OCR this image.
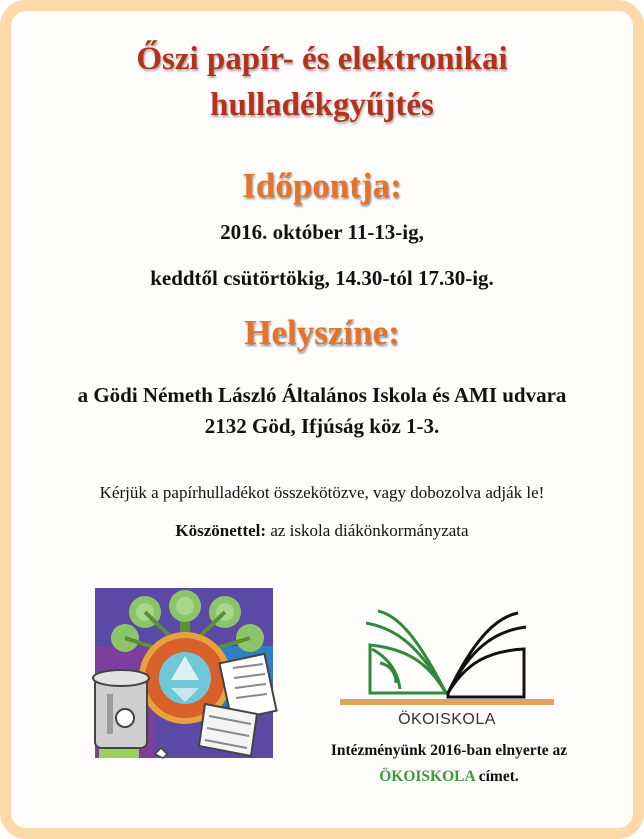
Őszi papír- és elektronikai
hulladékgyűjtés
Időpontja:
2016. október 11-13-ig,
keddtől csütörtökig, 14.30-tól 17.30-ig.
Helyszíne:
a Gödi Németh László Általános Iskola és AMI udvara
2132 Göd, Ifjúság köz 1-3.
Kérjük a papírhulladékot összekötözve, vagy dobozolva adják le!
Köszönettel: az iskola diákönkormányzata
ÖKOISKOLA
Intézményünk 2016-ban elnyerte az
ÖKOISKOLA címet.
